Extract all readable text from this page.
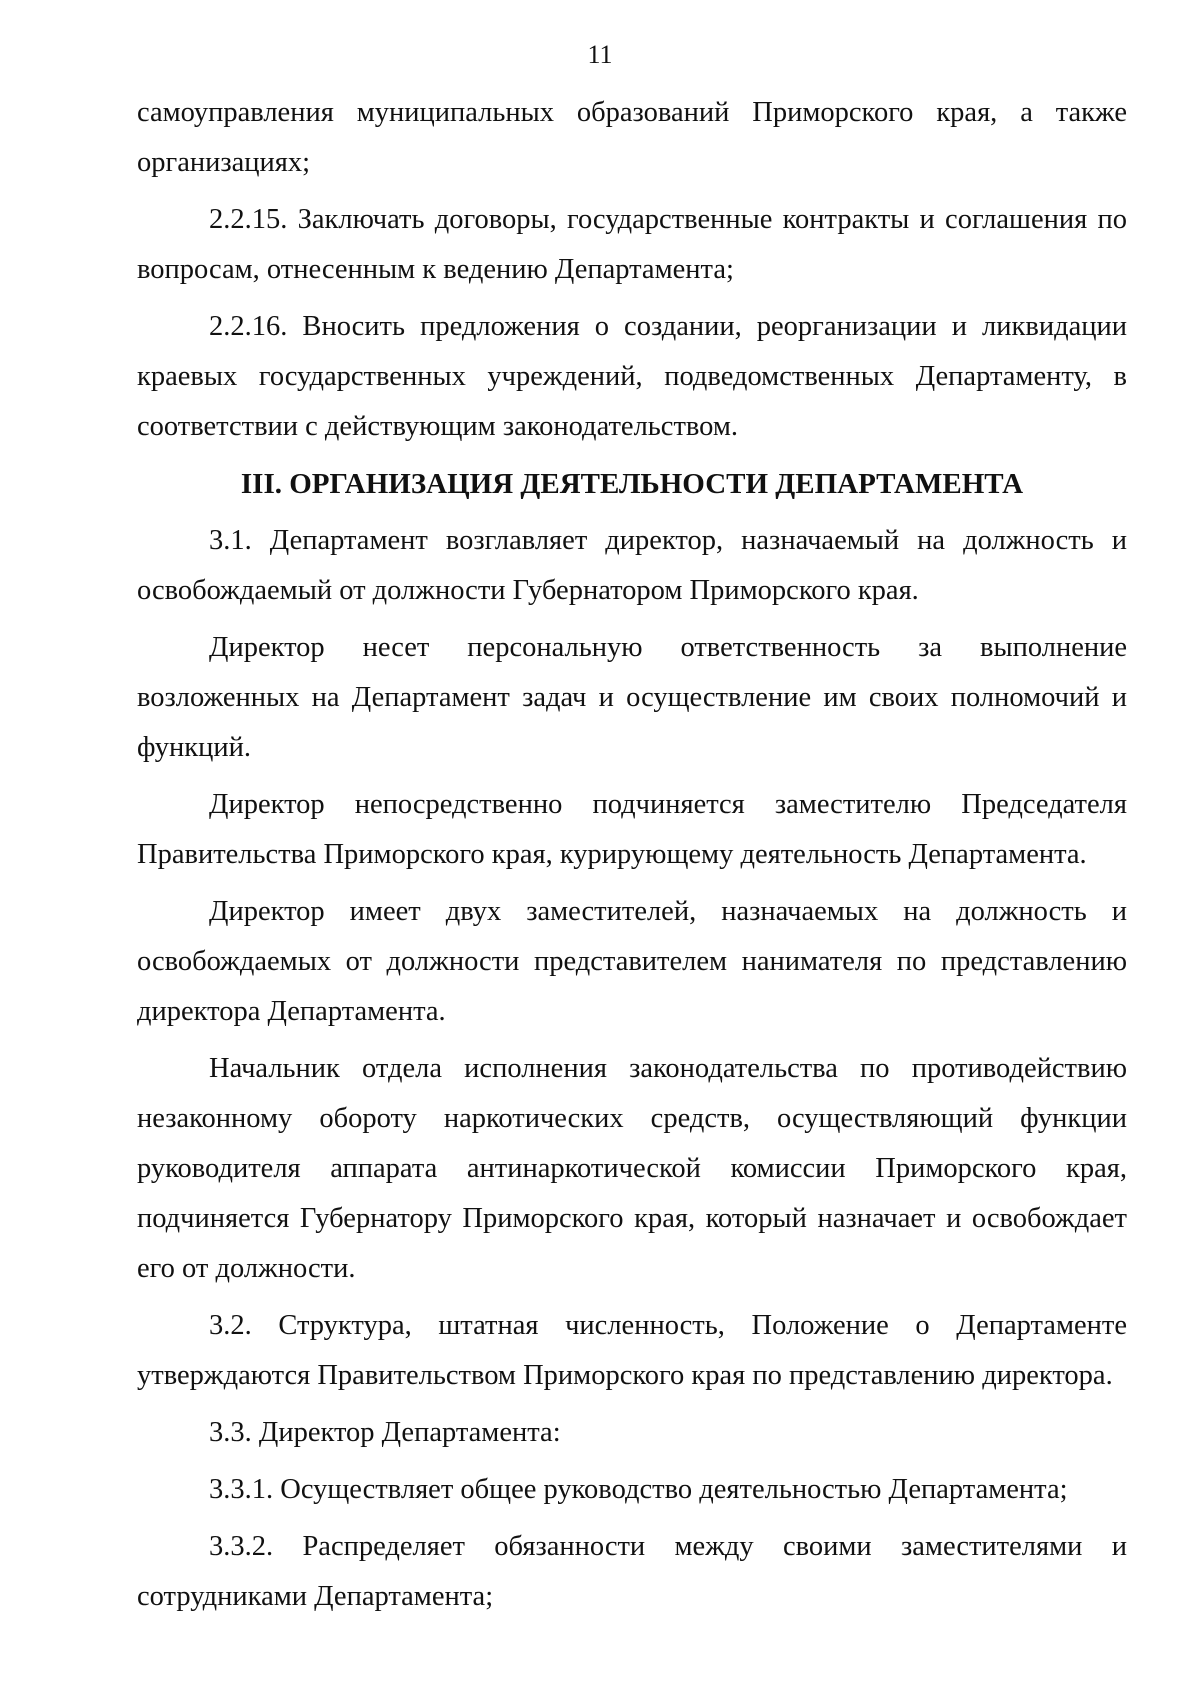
11

самоуправления муниципальных образований Приморского края, а также организациях;

2.2.15. Заключать договоры, государственные контракты и соглашения по вопросам, отнесенным к ведению Департамента;

2.2.16. Вносить предложения о создании, реорганизации и ликвидации краевых государственных учреждений, подведомственных Департаменту, в соответствии с действующим законодательством.

III. ОРГАНИЗАЦИЯ ДЕЯТЕЛЬНОСТИ ДЕПАРТАМЕНТА

3.1. Департамент возглавляет директор, назначаемый на должность и освобождаемый от должности Губернатором Приморского края.

Директор несет персональную ответственность за выполнение возложенных на Департамент задач и осуществление им своих полномочий и функций.

Директор непосредственно подчиняется заместителю Председателя Правительства Приморского края, курирующему деятельность Департамента.

Директор имеет двух заместителей, назначаемых на должность и освобождаемых от должности представителем нанимателя по представлению директора Департамента.

Начальник отдела исполнения законодательства по противодействию незаконному обороту наркотических средств, осуществляющий функции руководителя аппарата антинаркотической комиссии Приморского края, подчиняется Губернатору Приморского края, который назначает и освобождает его от должности.

3.2. Структура, штатная численность, Положение о Департаменте утверждаются Правительством Приморского края по представлению директора.

3.3. Директор Департамента:

3.3.1. Осуществляет общее руководство деятельностью Департамента;

3.3.2. Распределяет обязанности между своими заместителями и сотрудниками Департамента;
